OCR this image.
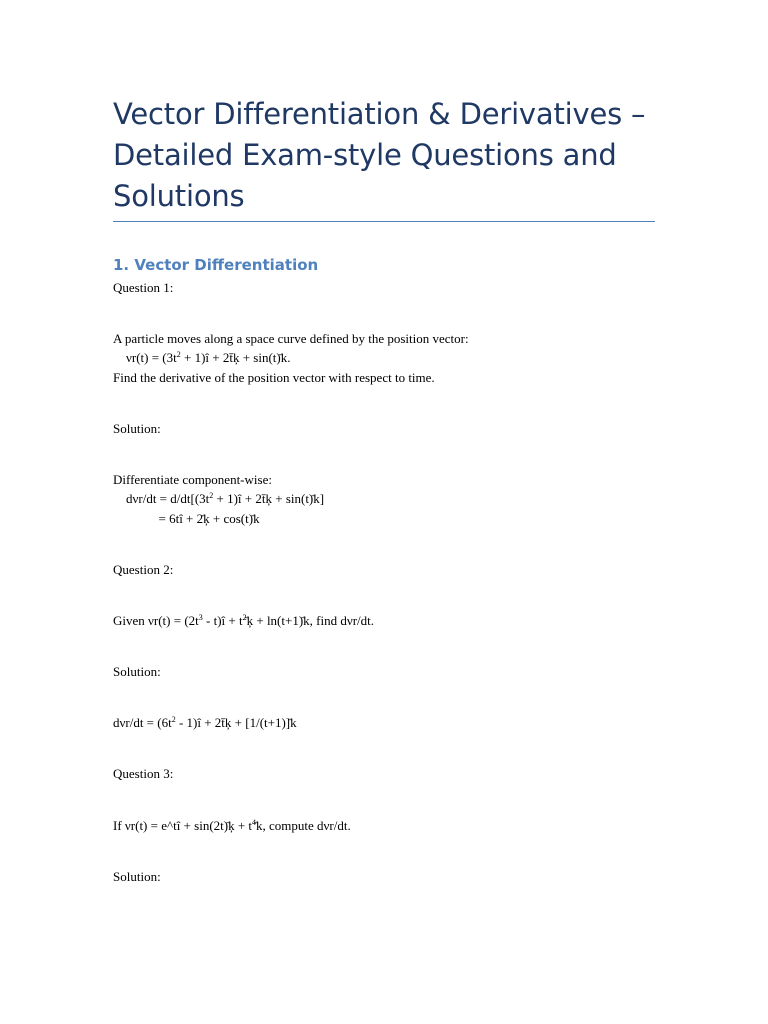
Vector Differentiation & Derivatives – Detailed Exam-style Questions and Solutions
1. Vector Differentiation

Question 1:

A particle moves along a space curve defined by the position vector:

$\nu r(t) = (3t^2$ + 1)î + 2t̄ķ + sin(t)̄k.

Find the derivative of the position vector with respect to time.

Solution:

Differentiate component-wise:

$d\nu r/dt = d/dt[(3t^2$ + 1)î + 2t̄ķ + sin(t)̄k]

= 6tî + 2̄ķ + cos(t)̄k

Question 2:

Given $\nu r(t) = (2t^3$ - t)î + $t^2̄ķ$ + ln(t+1)̄k, find dνr/dt.

Solution:

$d\nu r/dt = (6t^2$ - 1)î + 2t̄ķ + [1/(t+1)]̄k

Question 3:

If νr(t) = e^tî + sin(2t)̄ķ + $t^4̄k$, compute dνr/dt.

Solution:
